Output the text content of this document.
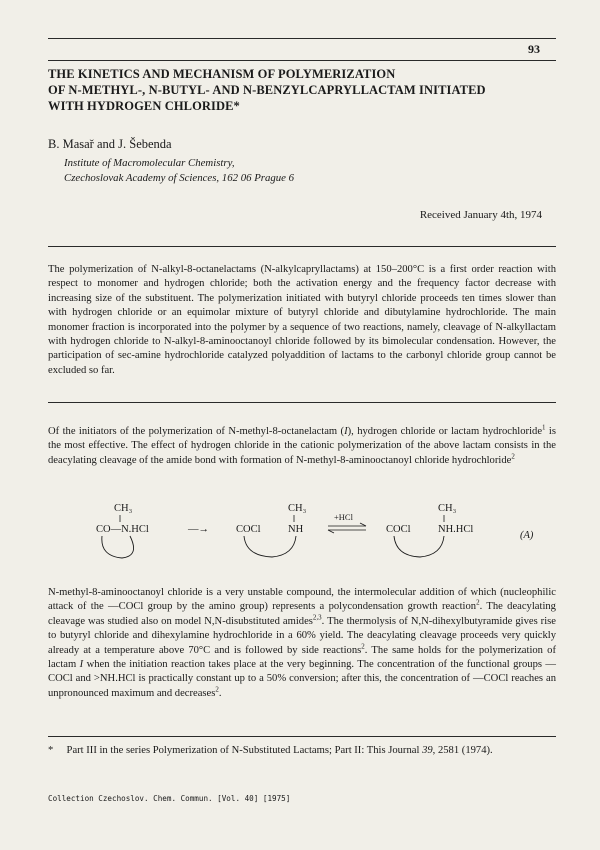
93
THE KINETICS AND MECHANISM OF POLYMERIZATION
OF N-METHYL-, N-BUTYL- AND N-BENZYLCAPRYLLACTAM INITIATED
WITH HYDROGEN CHLORIDE*
B. Masař and J. Šebenda
Institute of Macromolecular Chemistry,
Czechoslovak Academy of Sciences, 162 06 Prague 6
Received January 4th, 1974
The polymerization of N-alkyl-8-octanelactams (N-alkylcapryllactams) at 150–200°C is a first order reaction with respect to monomer and hydrogen chloride; both the activation energy and the frequency factor decrease with increasing size of the substituent. The polymerization initiated with butyryl chloride proceeds ten times slower than with hydrogen chloride or an equimolar mixture of butyryl chloride and dibutylamine hydrochloride. The main monomer fraction is incorporated into the polymer by a sequence of two reactions, namely, cleavage of N-alkyllactam with hydrogen chloride to N-alkyl-8-aminooctanoyl chloride followed by its bimolecular condensation. However, the participation of sec-amine hydrochloride catalyzed polyaddition of lactams to the carbonyl chloride group cannot be excluded so far.
Of the initiators of the polymerization of N-methyl-8-octanelactam (I), hydrogen chloride or lactam hydrochloride$^1$ is the most effective. The effect of hydrogen chloride in the cationic polymerization of the above lactam consists in the deacylating cleavage of the amide bond with formation of N-methyl-8-aminooctanoyl chloride hydrochloride$^2$
CH₃
CO—N.HCl	—→	COCl
CH₃
NH
+HCl
COCl
CH₃
NH.HCl
(A)
N-methyl-8-aminooctanoyl chloride is a very unstable compound, the intermolecular addition of which (nucleophilic attack of the —COCl group by the amino group) represents a polycondensation growth reaction$^2$. The deacylating cleavage was studied also on model N,N-disubstituted amides$^{2,3}$. The thermolysis of N,N-dihexylbutyramide gives rise to butyryl chloride and dihexylamine hydrochloride in a 60% yield. The deacylating cleavage proceeds very quickly already at a temperature above 70°C and is followed by side reactions$^2$. The same holds for the polymerization of lactam I when the initiation reaction takes place at the very beginning. The concentration of the functional groups —COCl and >NH.HCl is practically constant up to a 50% conversion; after this, the concentration of —COCl reaches an unpronounced maximum and decreases$^2$.
* Part III in the series Polymerization of N-Substituted Lactams; Part II: This Journal 39, 2581 (1974).
Collection Czechoslov. Chem. Commun. [Vol. 40] [1975]
